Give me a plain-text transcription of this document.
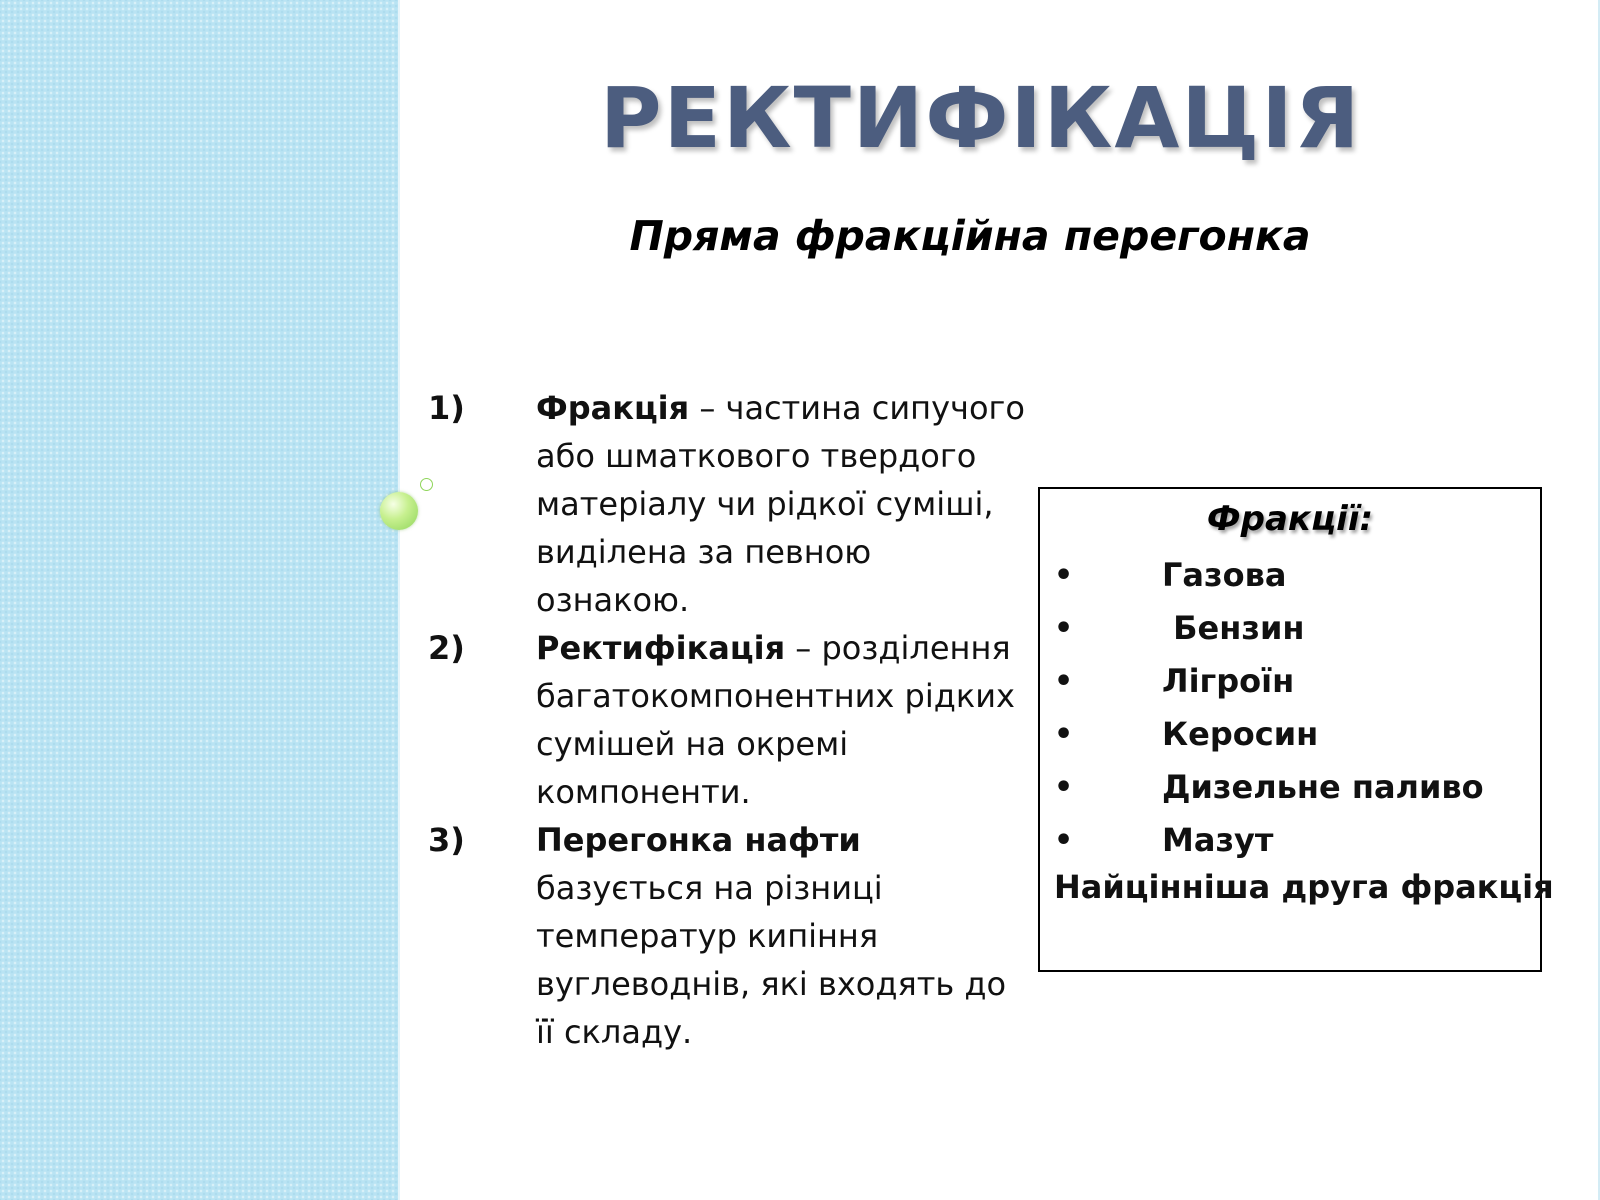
РЕКТИФІКАЦІЯ
Пряма фракційна перегонка
1) Фракція – частина сипучого або шматкового твердого матеріалу чи рідкої суміші, виділена за певною ознакою.
2) Ректифікація – розділення багатокомпонентних рідких сумішей на окремі компоненти.
3) Перегонка нафти базується на різниці температур кипіння вуглеводнів, які входять до її складу.
Фракції:
•	Газова
•	Бензин
•	Лігроїн
•	Керосин
•	Дизельне паливо
•	Мазут
Найцінніша друга фракція
